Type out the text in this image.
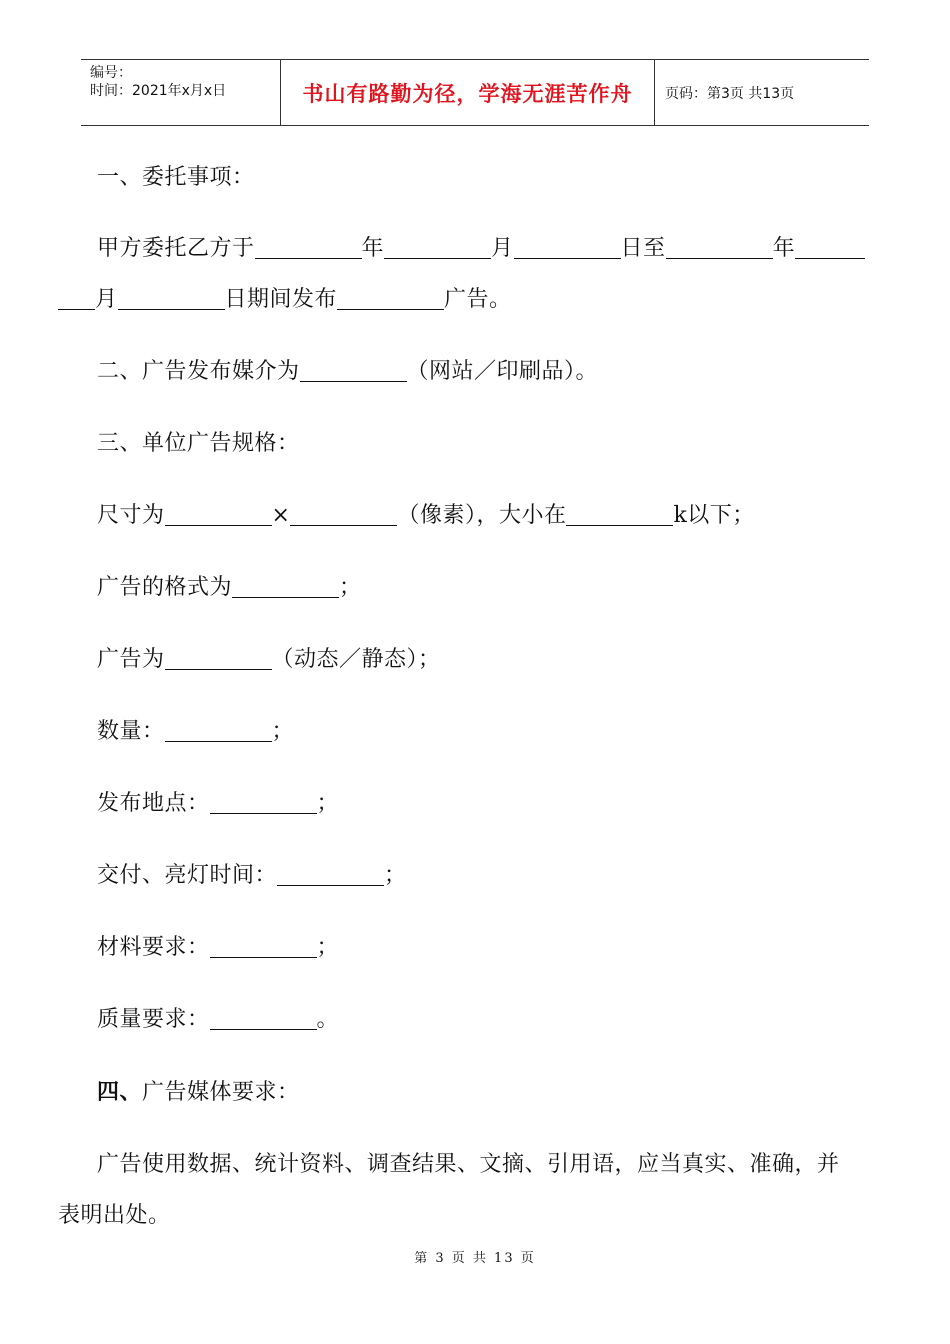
编号：
时间：2021年x月x日	书山有路勤为径，学海无涯苦作舟 页码：第3页 共13页
一、委托事项：
甲方委托乙方于	年	月	日至	年
月	日期间发布	广告。
二、广告发布媒介为	（网站／印刷品）。
三、单位广告规格：
尺寸为	×	（像素），大小在	k以下；
广告的格式为	；
广告为	（动态／静态）；
数量：	；
发布地点：	；
交付、亮灯时间：	；
材料要求：	；
质量要求：	。
四、广告媒体要求：
广告使用数据、统计资料、调查结果、文摘、引用语，应当真实、准确，并
表明出处。
第 3 页 共 13 页
